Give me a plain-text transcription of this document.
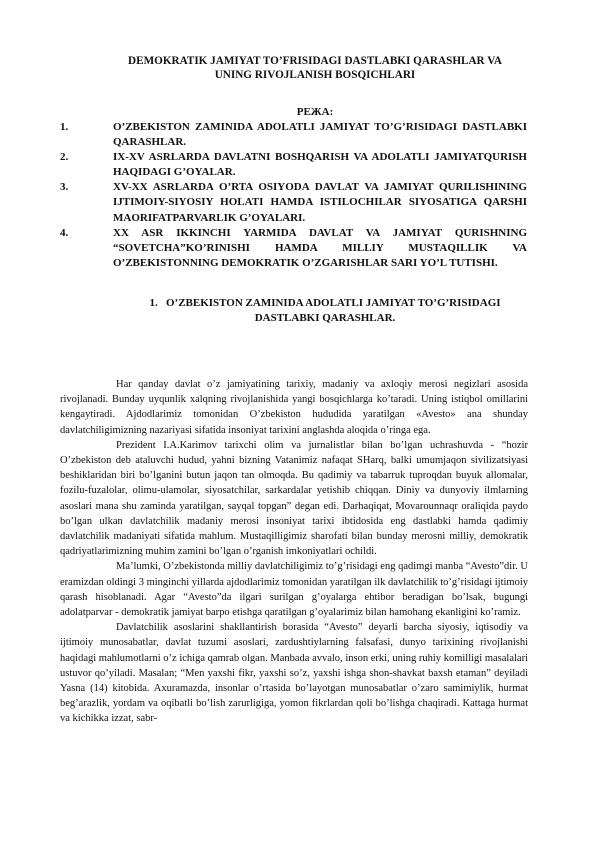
DEMOKRATIK JAMIYAT TO’FRISIDAGI DASTLABKI QARASHLAR VA
UNING RIVOJLANISH BOSQICHLARI
РЕЖА:
1.	O’ZBEKISTON ZAMINIDA ADOLATLI JAMIYAT TO’G’RISIDAGI DASTLABKI QARASHLAR.
2.	IX-XV ASRLARDA DAVLATNI BOSHQARISH VA ADOLATLI JAMIYATQURISH HAQIDAGI G’OYALAR.
3.	XV-XX ASRLARDA O’RTA OSIYODA DAVLAT VA JAMIYAT QURILISHINING IJTIMOIY-SIYOSIY HOLATI HAMDA ISTILOCHILAR SIYOSATIGA QARSHI MAORIFATPARVARLIK G’OYALARI.
4.	XX ASR IKKINCHI YARMIDA DAVLAT VA JAMIYAT QURISHNING “SOVETCHA”KO’RINISHI HAMDA MILLIY MUSTAQILLIK VA O’ZBEKISTONNING DEMOKRATIK O’ZGARISHLAR SARI YO’L TUTISHI.
1.   O’ZBEKISTON ZAMINIDA ADOLATLI JAMIYAT TO’G’RISIDAGI
DASTLABKI QARASHLAR.

Har qanday davlat o’z jamiyatining tarixiy, madaniy va axloqiy merosi negizlari asosida rivojlanadi. Bunday uyqunlik xalqning rivojlanishida yangi bosqichlarga ko’taradi. Uning istiqbol omillarini kengaytiradi. Ajdodlarimiz tomonidan O’zbekiston hududida yaratilgan «Avesto» ana shunday davlatchiligimizning nazariyasi sifatida insoniyat tarixini anglashda aloqida o’ringa ega.

Prezident I.A.Karimov tarixchi olim va jurnalistlar bilan bo’lgan uchrashuvda - “hozir O’zbekiston deb ataluvchi hudud, yahni bizning Vatanimiz nafaqat SHarq, balki umumjaqon sivilizatsiyasi beshiklaridan biri bo’lganini butun jaqon tan olmoqda. Bu qadimiy va tabarruk tuproqdan buyuk allomalar, fozilu-fuzalolar, olimu-ulamolar, siyosatchilar, sarkardalar yetishib chiqqan. Diniy va dunyoviy ilmlarning asoslari mana shu zaminda yaratilgan, sayqal topgan” degan edi. Darhaqiqat, Movarounnaqr oraliqida paydo bo’lgan ulkan davlatchilik madaniy merosi insoniyat tarixi ibtidosida eng dastlabki hamda qadimiy davlatchilik madaniyati sifatida mahlum. Mustaqilligimiz sharofati bilan bunday merosni milliy, demokratik qadriyatlarimizning muhim zamini bo’lgan o’rganish imkoniyatlari ochildi.

Ma’lumki, O’zbekistonda milliy davlatchiligimiz to’g’risidagi eng qadimgi manba “Avesto”dir. U eramizdan oldingi 3 minginchi yillarda ajdodlarimiz tomonidan yaratilgan ilk davlatchilik to’g’risidagi ijtimoiy qarash hisoblanadi. Agar “Avesto”da ilgari surilgan g’oyalarga ehtibor beradigan bo’lsak, bugungi adolatparvar - demokratik jamiyat barpo etishga qaratilgan g’oyalarimiz bilan hamohang ekanligini ko’ramiz.

Davlatchilik asoslarini shakllantirish borasida “Avesto” deyarli barcha siyosiy, iqtisodiy va ijtimoiy munosabatlar, davlat tuzumi asoslari, zardushtiylarning falsafasi, dunyo tarixining rivojlanishi haqidagi mahlumotlarni o’z ichiga qamrab olgan. Manbada avvalo, inson erki, uning ruhiy komilligi masalalari ustuvor qo’yiladi. Masalan; “Men yaxshi fikr, yaxshi so’z, yaxshi ishga shon-shavkat baxsh etaman” deyiladi Yasna (14) kitobida. Axuramazda, insonlar o’rtasida bo’layotgan munosabatlar o’zaro samimiylik, hurmat beg’arazlik, yordam va oqibatli bo’lish zarurligiga, yomon fikrlardan qoli bo’lishga chaqiradi. Kattaga hurmat va kichikka izzat, sabr-
